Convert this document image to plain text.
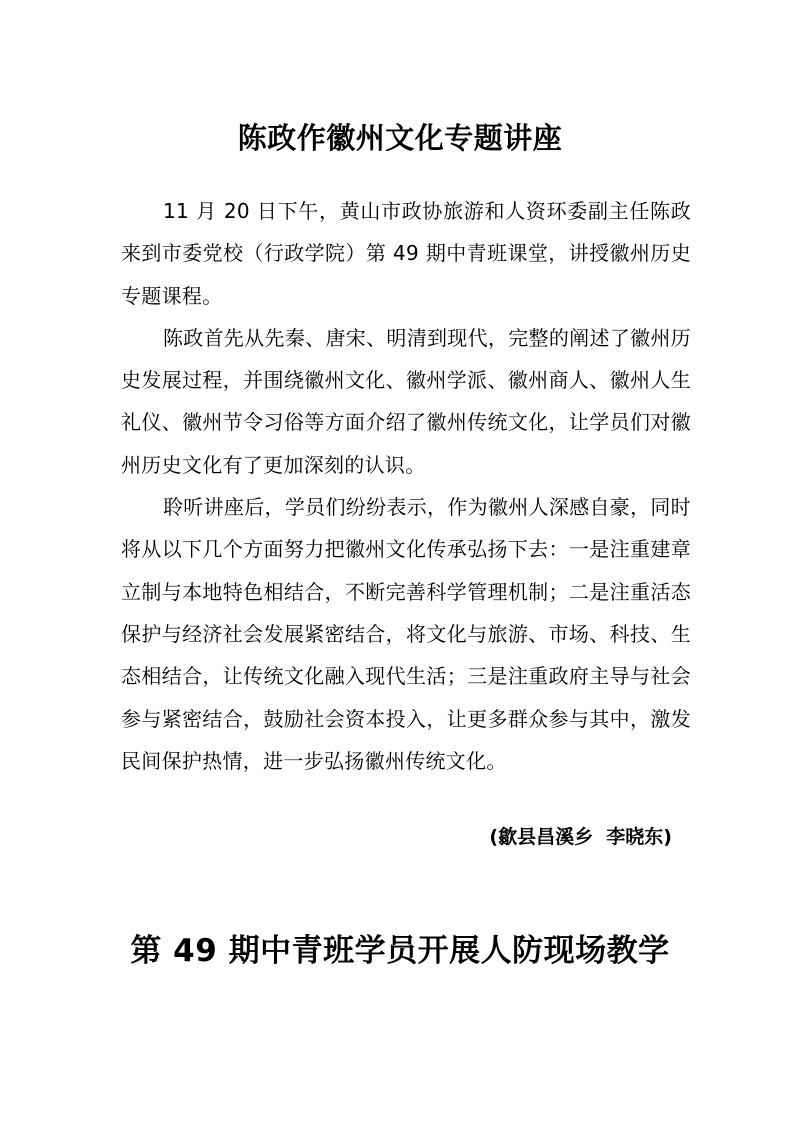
陈政作徽州文化专题讲座

11 月 20 日下午，黄山市政协旅游和人资环委副主任陈政来到市委党校（行政学院）第 49 期中青班课堂，讲授徽州历史专题课程。

陈政首先从先秦、唐宋、明清到现代，完整的阐述了徽州历史发展过程，并围绕徽州文化、徽州学派、徽州商人、徽州人生礼仪、徽州节令习俗等方面介绍了徽州传统文化，让学员们对徽州历史文化有了更加深刻的认识。

聆听讲座后，学员们纷纷表示，作为徽州人深感自豪，同时将从以下几个方面努力把徽州文化传承弘扬下去：一是注重建章立制与本地特色相结合，不断完善科学管理机制；二是注重活态保护与经济社会发展紧密结合，将文化与旅游、市场、科技、生态相结合，让传统文化融入现代生活；三是注重政府主导与社会参与紧密结合，鼓励社会资本投入，让更多群众参与其中，激发民间保护热情，进一步弘扬徽州传统文化。

(歙县昌溪乡  李晓东)

第 49 期中青班学员开展人防现场教学
